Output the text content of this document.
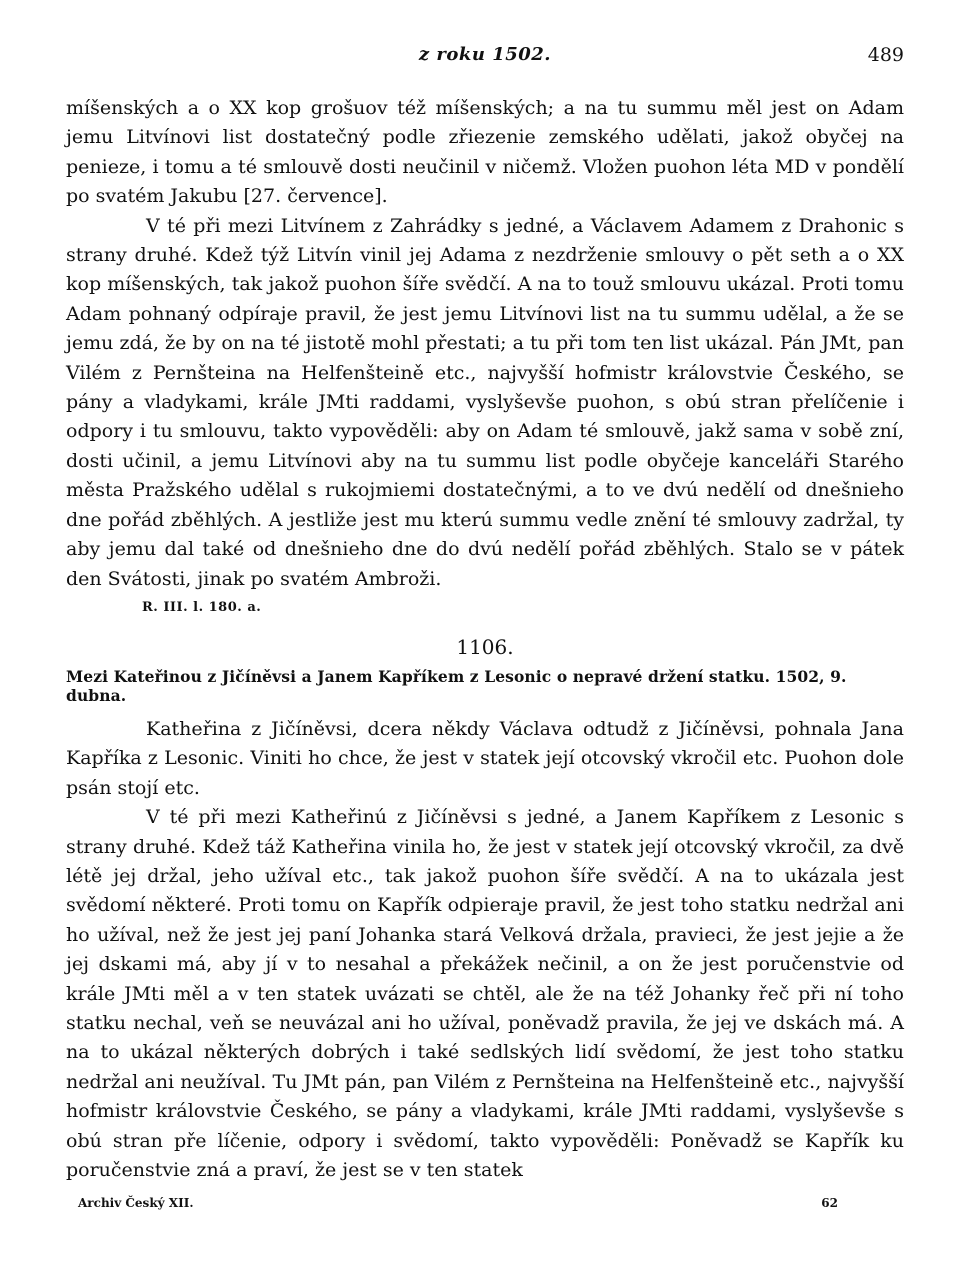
z roku 1502.	489

míšenských a o XX kop grošuov též míšenských; a na tu summu měl jest on Adam jemu Litvínovi list dostatečný podle zřiezenie zemského udělati, jakož obyčej na penieze, i tomu a té smlouvě dosti neučinil v ničemž. Vložen puohon léta MD v pondělí po svatém Jakubu [27. července].

V té při mezi Litvínem z Zahrádky s jedné, a Václavem Adamem z Drahonic s strany druhé. Kdež týž Litvín vinil jej Adama z nezdrženie smlouvy o pět seth a o XX kop míšenských, tak jakož puohon šíře svědčí. A na to touž smlouvu ukázal. Proti tomu Adam pohnaný odpíraje pravil, že jest jemu Litvínovi list na tu summu udělal, a že se jemu zdá, že by on na té jistotě mohl přestati; a tu při tom ten list ukázal. Pán JMt, pan Vilém z Pernšteina na Helfenšteině etc., najvyšší hofmistr královstvie Českého, se pány a vladykami, krále JMti raddami, vyslyševše puohon, s obú stran přelíčenie i odpory i tu smlouvu, takto vypověděli: aby on Adam té smlouvě, jakž sama v sobě zní, dosti učinil, a jemu Litvínovi aby na tu summu list podle obyčeje kanceláři Starého města Pražského udělal s rukojmiemi dostatečnými, a to ve dvú nedělí od dnešnieho dne pořád zběhlých. A jestliže jest mu kterú summu vedle znění té smlouvy zadržal, ty aby jemu dal také od dnešnieho dne do dvú nedělí pořád zběhlých. Stalo se v pátek den Svátosti, jinak po svatém Ambroži.

R. III. l. 180. a.
1106.
Mezi Kateřinou z Jičíněvsi a Janem Kapříkem z Lesonic o nepravé držení statku. 1502, 9. dubna.

Katheřina z Jičíněvsi, dcera někdy Václava odtudž z Jičíněvsi, pohnala Jana Kapříka z Lesonic. Viniti ho chce, že jest v statek její otcovský vkročil etc. Puohon dole psán stojí etc.

V té při mezi Katheřinú z Jičíněvsi s jedné, a Janem Kapříkem z Lesonic s strany druhé. Kdež táž Katheřina vinila ho, že jest v statek její otcovský vkročil, za dvě létě jej držal, jeho užíval etc., tak jakož puohon šíře svědčí. A na to ukázala jest svědomí některé. Proti tomu on Kapřík odpieraje pravil, že jest toho statku nedržal ani ho užíval, než že jest jej paní Johanka stará Velková držala, pravieci, že jest jejie a že jej dskami má, aby jí v to nesahal a překážek nečinil, a on že jest poručenstvie od krále JMti měl a v ten statek uvázati se chtěl, ale že na též Johanky řeč při ní toho statku nechal, veň se neuvázal ani ho užíval, poněvadž pravila, že jej ve dskách má. A na to ukázal některých dobrých i také sedlských lidí svědomí, že jest toho statku nedržal ani neužíval. Tu JMt pán, pan Vilém z Pernšteina na Helfenšteině etc., najvyšší hofmistr královstvie Českého, se pány a vladykami, krále JMti raddami, vyslyševše s obú stran pře líčenie, odpory i svědomí, takto vypověděli: Poněvadž se Kapřík ku poručenstvie zná a praví, že jest se v ten statek

Archiv Český XII.	62
